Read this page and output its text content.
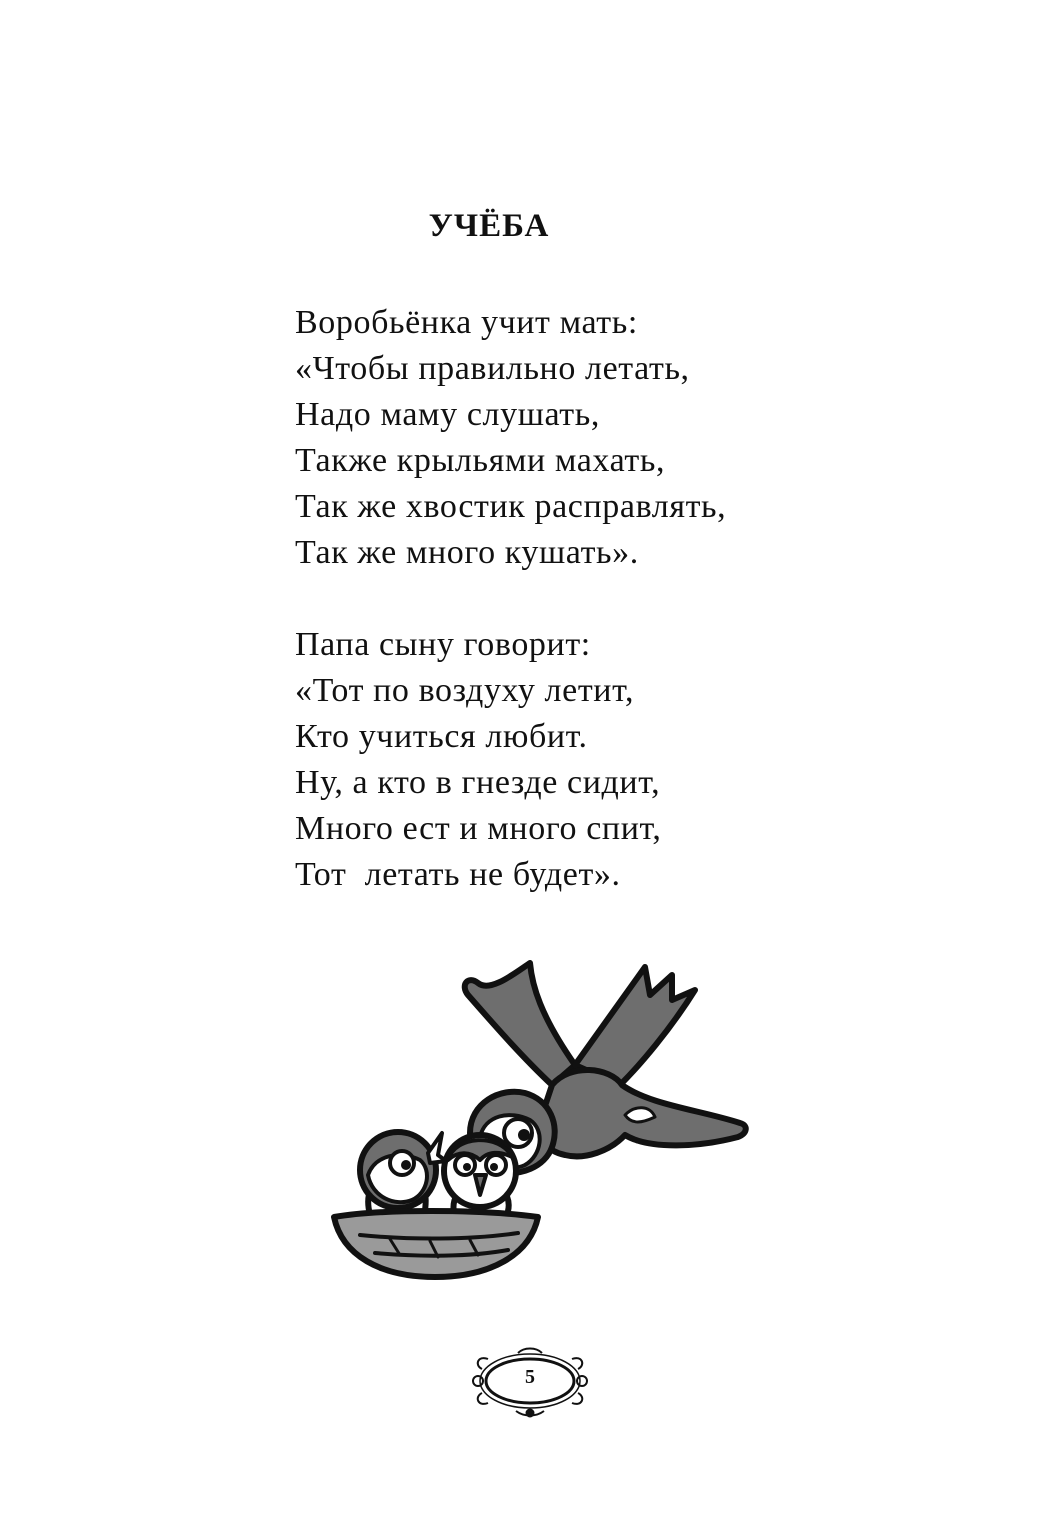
УЧЁБА
Воробьёнка учит мать:
«Чтобы правильно летать,
Надо маму слушать,
Также крыльями махать,
Так же хвостик расправлять,
Так же много кушать».
Папа сыну говорит:
«Тот по воздуху летит,
Кто учиться любит.
Ну, а кто в гнезде сидит,
Много ест и много спит,
Тот  летать не будет».
5
